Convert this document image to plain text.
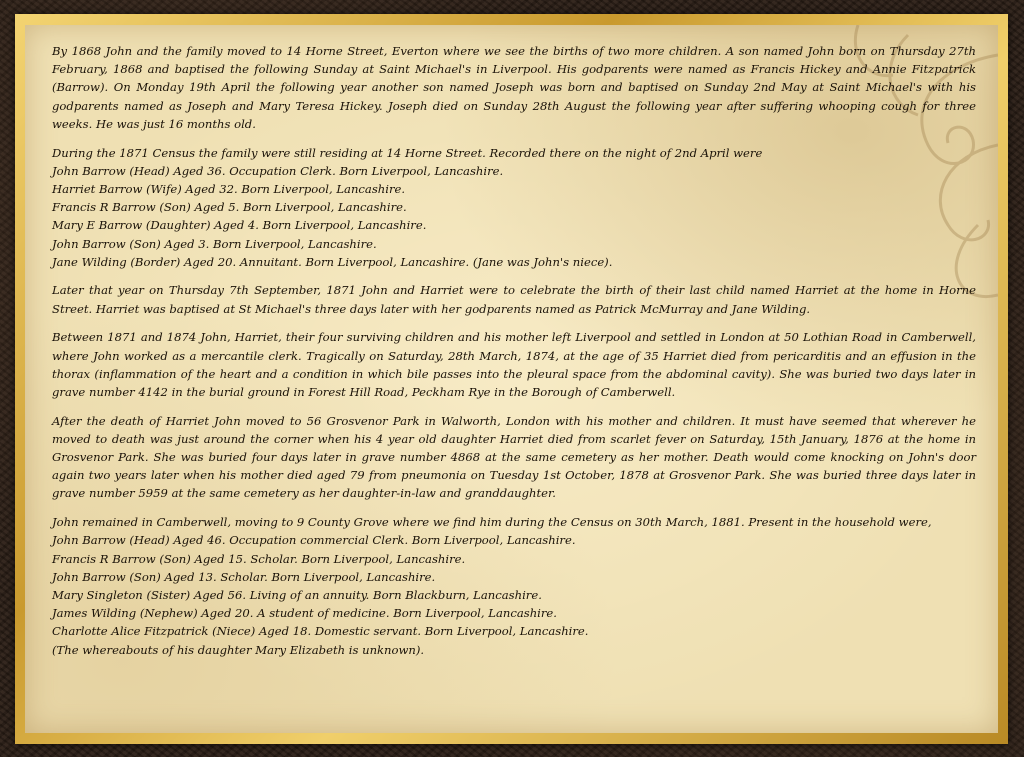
By 1868 John and the family moved to 14 Horne Street, Everton where we see the births of two more children. A son named John born on Thursday 27th February, 1868 and baptised the following Sunday at Saint Michael's in Liverpool. His godparents were named as Francis Hickey and Annie Fitzpatrick (Barrow). On Monday 19th April the following year another son named Joseph was born and baptised on Sunday 2nd May at Saint Michael's with his godparents named as Joseph and Mary Teresa Hickey. Joseph died on Sunday 28th August the following year after suffering whooping cough for three weeks. He was just 16 months old.

During the 1871 Census the family were still residing at 14 Horne Street. Recorded there on the night of 2nd April were
John Barrow (Head) Aged 36. Occupation Clerk. Born Liverpool, Lancashire.
Harriet Barrow (Wife) Aged 32. Born Liverpool, Lancashire.
Francis R Barrow (Son) Aged 5. Born Liverpool, Lancashire.
Mary E Barrow (Daughter) Aged 4. Born Liverpool, Lancashire.
John Barrow (Son) Aged 3. Born Liverpool, Lancashire.
Jane Wilding (Border) Aged 20. Annuitant. Born Liverpool, Lancashire. (Jane was John's niece).

Later that year on Thursday 7th September, 1871 John and Harriet were to celebrate the birth of their last child named Harriet at the home in Horne Street. Harriet was baptised at St Michael's three days later with her godparents named as Patrick McMurray and Jane Wilding.

Between 1871 and 1874 John, Harriet, their four surviving children and his mother left Liverpool and settled in London at 50 Lothian Road in Camberwell, where John worked as a mercantile clerk. Tragically on Saturday, 28th March, 1874, at the age of 35 Harriet died from pericarditis and an effusion in the thorax (inflammation of the heart and a condition in which bile passes into the pleural space from the abdominal cavity). She was buried two days later in grave number 4142 in the burial ground in Forest Hill Road, Peckham Rye in the Borough of Camberwell.

After the death of Harriet John moved to 56 Grosvenor Park in Walworth, London with his mother and children. It must have seemed that wherever he moved to death was just around the corner when his 4 year old daughter Harriet died from scarlet fever on Saturday, 15th January, 1876 at the home in Grosvenor Park. She was buried four days later in grave number 4868 at the same cemetery as her mother. Death would come knocking on John's door again two years later when his mother died aged 79 from pneumonia on Tuesday 1st October, 1878 at Grosvenor Park. She was buried three days later in grave number 5959 at the same cemetery as her daughter-in-law and granddaughter.

John remained in Camberwell, moving to 9 County Grove where we find him during the Census on 30th March, 1881. Present in the household were,
John Barrow (Head) Aged 46. Occupation commercial Clerk. Born Liverpool, Lancashire.
Francis R Barrow (Son) Aged 15. Scholar. Born Liverpool, Lancashire.
John Barrow (Son) Aged 13. Scholar. Born Liverpool, Lancashire.
Mary Singleton (Sister) Aged 56. Living of an annuity. Born Blackburn, Lancashire.
James Wilding (Nephew) Aged 20. A student of medicine. Born Liverpool, Lancashire.
Charlotte Alice Fitzpatrick (Niece) Aged 18. Domestic servant. Born Liverpool, Lancashire.
(The whereabouts of his daughter Mary Elizabeth is unknown).
